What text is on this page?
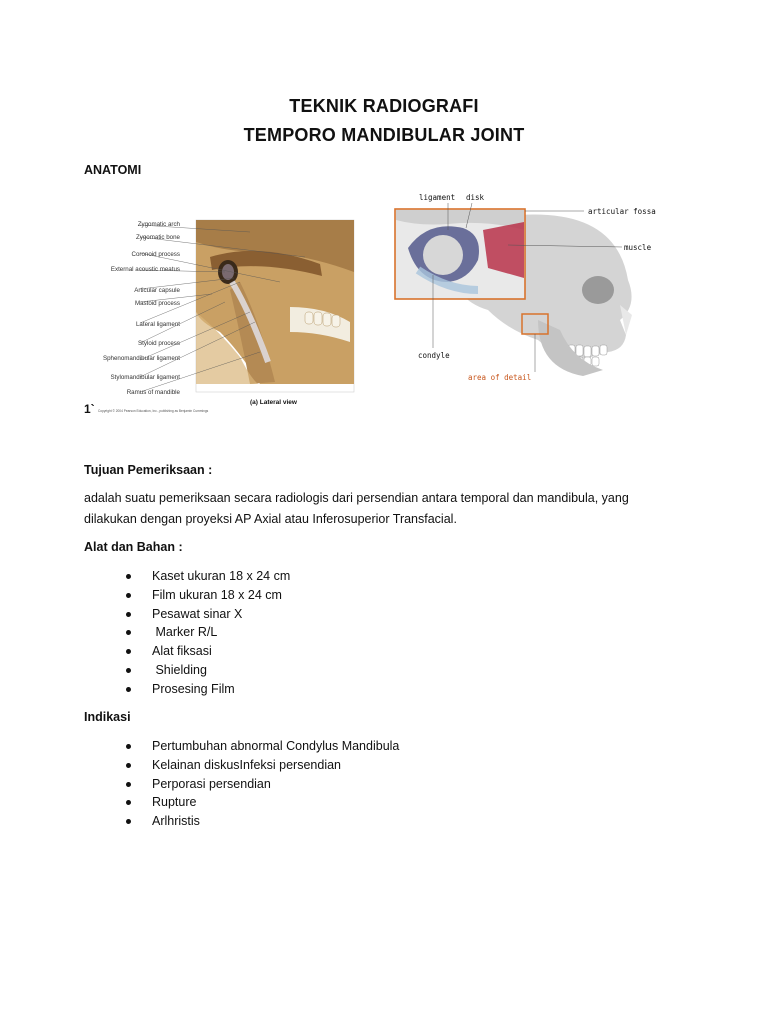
TEKNIK RADIOGRAFI
TEMPORO MANDIBULAR JOINT
ANATOMI
Zygomatic arch
Zygomatic bone
Coronoid process
External acoustic meatus
Articular capsule
Mastoid process
Lateral ligament
Styloid process
Sphenomandibular ligament
Stylomandibular ligament
Ramus of mandible
(a) Lateral view
Copyright © 2004 Pearson Education, Inc., publishing as Benjamin Cummings
1`
ligament disk
articular fossa
muscle
condyle
area of detail
Tujuan Pemeriksaan :
adalah suatu pemeriksaan secara radiologis dari persendian antara temporal dan mandibula, yang dilakukan dengan proyeksi AP Axial atau Inferosuperior Transfacial.
Alat dan Bahan :
Kaset ukuran 18 x 24 cm
Film ukuran 18 x 24 cm
Pesawat sinar X
Marker R/L
Alat fiksasi
Shielding
Prosesing Film
Indikasi
Pertumbuhan abnormal Condylus Mandibula
Kelainan diskusInfeksi persendian
Perporasi persendian
Rupture
Arlhristis
